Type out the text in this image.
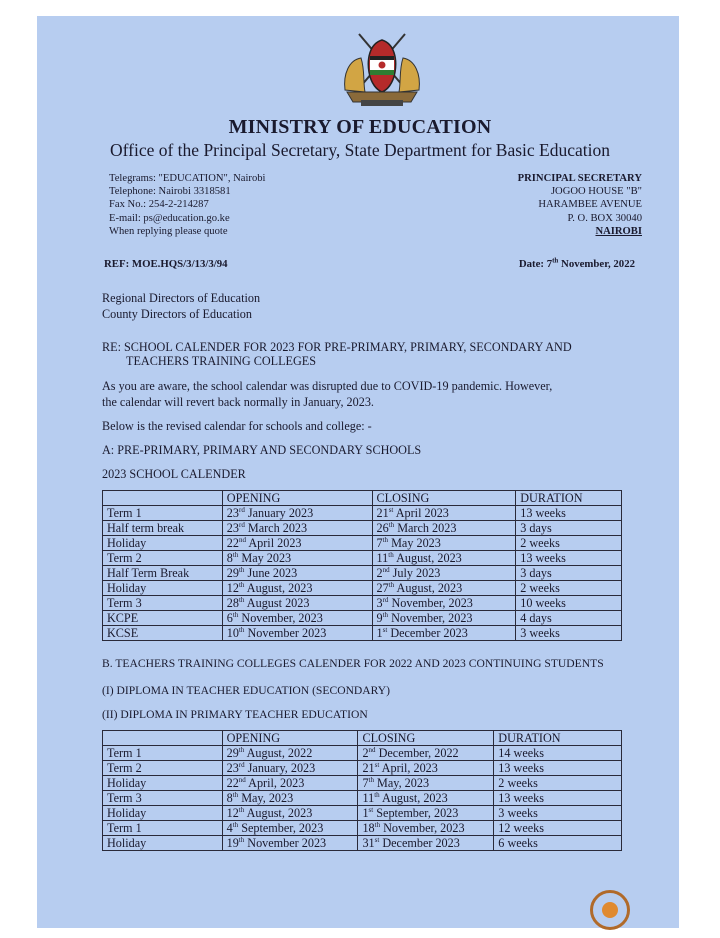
MINISTRY OF EDUCATION
Office of the Principal Secretary, State Department for Basic Education
Telegrams: "EDUCATION", Nairobi
Telephone: Nairobi 3318581
Fax No.: 254-2-214287
E-mail: ps@education.go.ke
When replying please quote
PRINCIPAL SECRETARY
JOGOO HOUSE "B"
HARAMBEE AVENUE
P. O. BOX 30040
NAIROBI
REF: MOE.HQS/3/13/3/94	Date: 7th November, 2022
Regional Directors of Education
County Directors of Education
RE: SCHOOL CALENDER FOR 2023 FOR PRE-PRIMARY, PRIMARY, SECONDARY AND
TEACHERS TRAINING COLLEGES
As you are aware, the school calendar was disrupted due to COVID-19 pandemic. However,
the calendar will revert back normally in January, 2023.
Below is the revised calendar for schools and college: -
A: PRE-PRIMARY, PRIMARY AND SECONDARY SCHOOLS
2023 SCHOOL CALENDER
	OPENING	CLOSING	DURATION
Term 1	23rd January 2023	21st April 2023	13 weeks
Half term break	23rd March 2023	26th March 2023	3 days
Holiday	22nd April 2023	7th May 2023	2 weeks
Term 2	8th May 2023	11th August, 2023	13 weeks
Half Term Break	29th June 2023	2nd July 2023	3 days
Holiday	12th August, 2023	27th August, 2023	2 weeks
Term 3	28th August 2023	3rd November, 2023	10 weeks
KCPE	6th November, 2023	9th November, 2023	4 days
KCSE	10th November 2023	1st December 2023	3 weeks
B. TEACHERS TRAINING COLLEGES CALENDER FOR 2022 AND 2023 CONTINUING STUDENTS
(I) DIPLOMA IN TEACHER EDUCATION (SECONDARY)
(II) DIPLOMA IN PRIMARY TEACHER EDUCATION
	OPENING	CLOSING	DURATION
Term 1	29th August, 2022	2nd December, 2022	14 weeks
Term 2	23rd January, 2023	21st April, 2023	13 weeks
Holiday	22nd April, 2023	7th May, 2023	2 weeks
Term 3	8th May, 2023	11th August, 2023	13 weeks
Holiday	12th August, 2023	1st September, 2023	3 weeks
Term 1	4th September, 2023	18th November, 2023	12 weeks
Holiday	19th November 2023	31st December 2023	6 weeks
